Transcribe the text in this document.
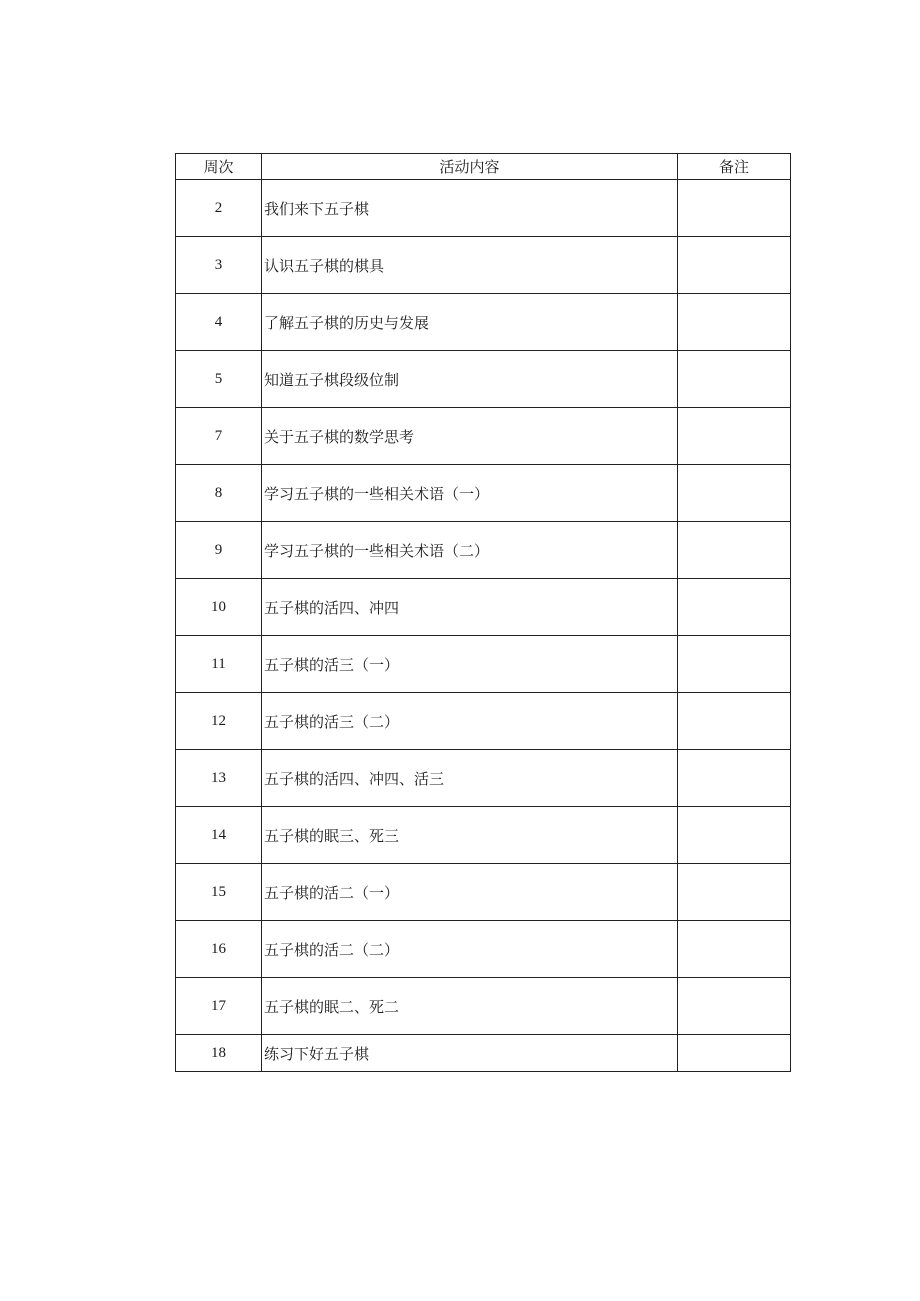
周次	活动内容	备注
2	我们来下五子棋	
3	认识五子棋的棋具	
4	了解五子棋的历史与发展	
5	知道五子棋段级位制	
7	关于五子棋的数学思考	
8	学习五子棋的一些相关术语（一）	
9	学习五子棋的一些相关术语（二）	
10	五子棋的活四、冲四	
11	五子棋的活三（一）	
12	五子棋的活三（二）	
13	五子棋的活四、冲四、活三	
14	五子棋的眠三、死三	
15	五子棋的活二（一）	
16	五子棋的活二（二）	
17	五子棋的眠二、死二	
18	练习下好五子棋	
